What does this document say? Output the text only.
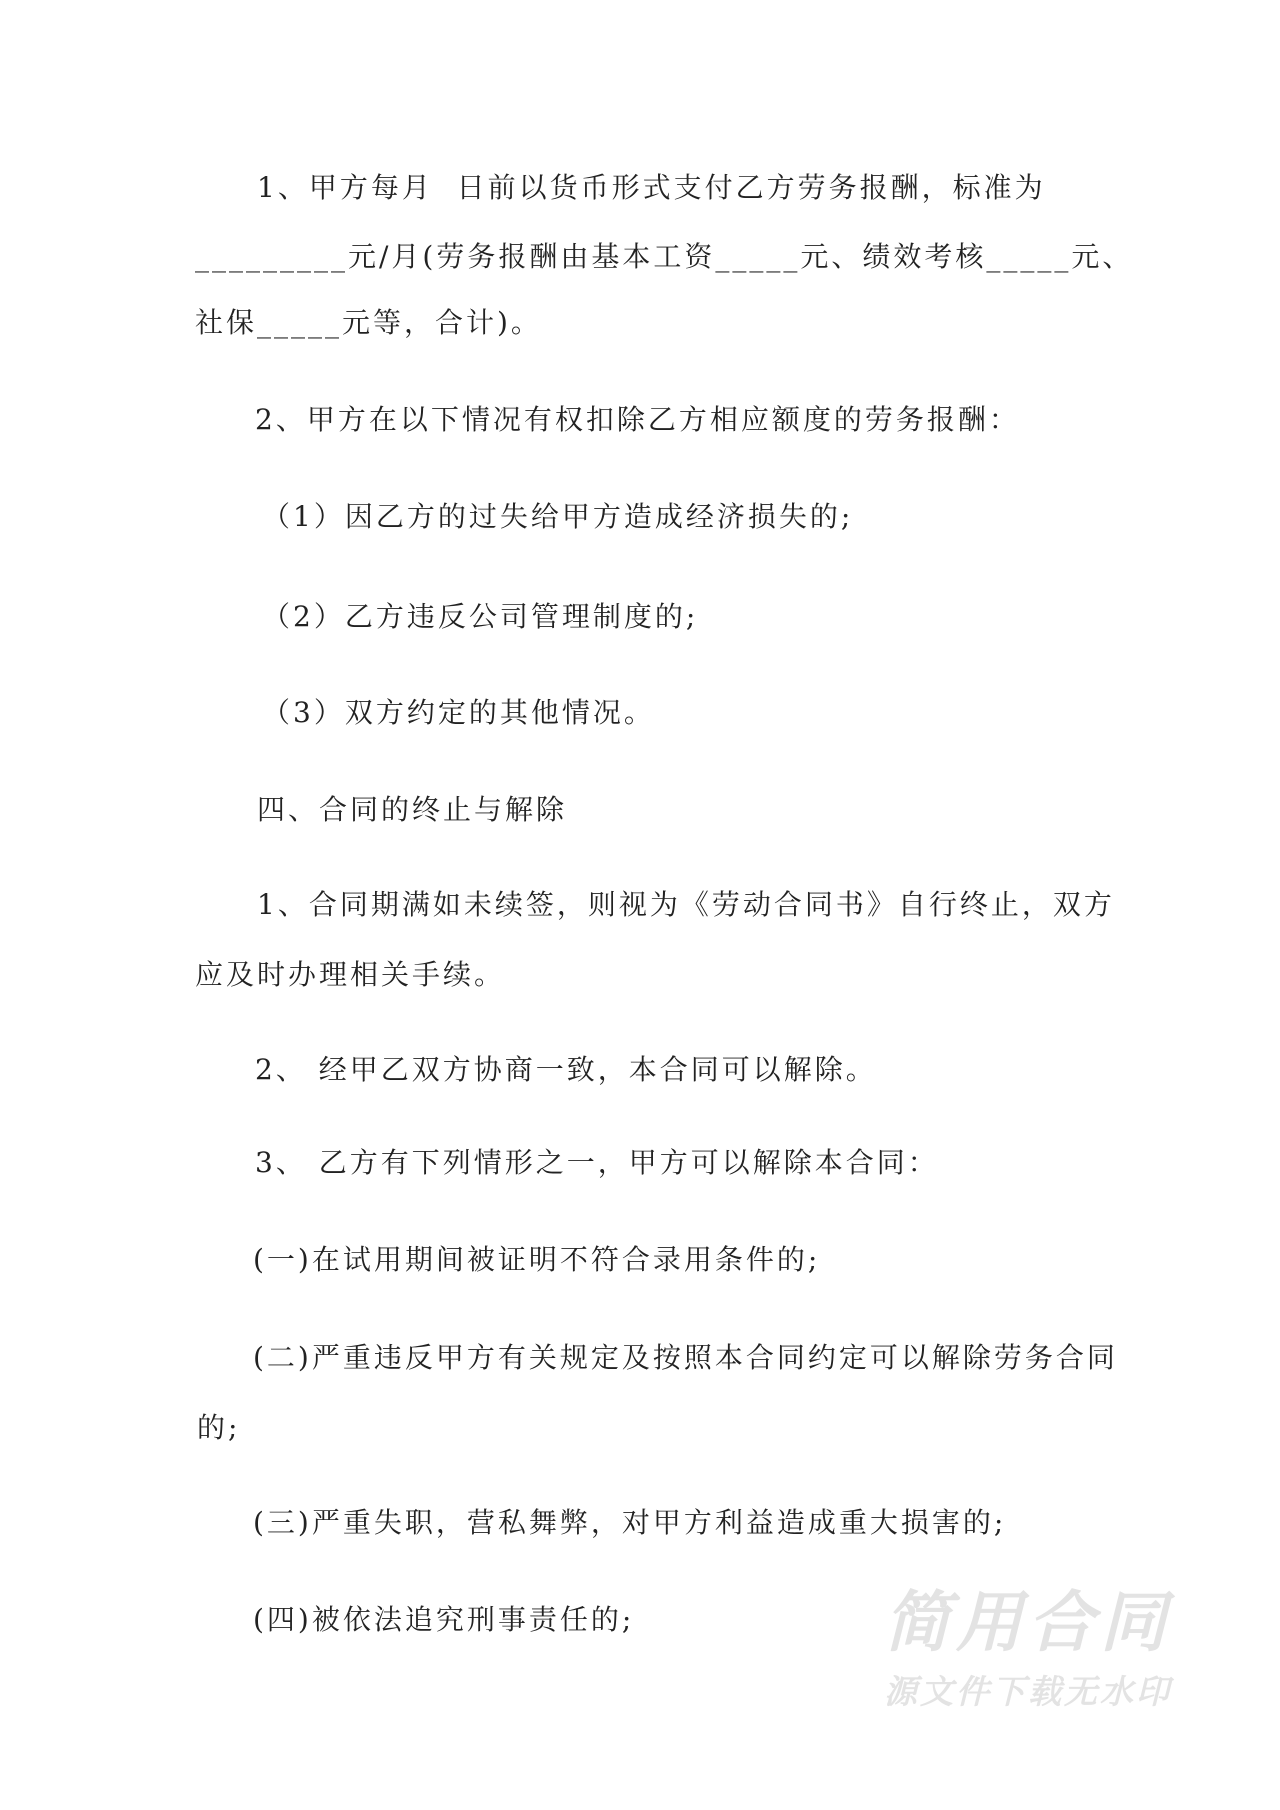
1、甲方每月  日前以货币形式支付乙方劳务报酬，标准为
_________元/月(劳务报酬由基本工资_____元、绩效考核_____元、
社保_____元等，合计)。
2、甲方在以下情况有权扣除乙方相应额度的劳务报酬：
（1）因乙方的过失给甲方造成经济损失的;
（2）乙方违反公司管理制度的;
（3）双方约定的其他情况。
四、合同的终止与解除
1、合同期满如未续签，则视为《劳动合同书》自行终止，双方
应及时办理相关手续。
2、 经甲乙双方协商一致，本合同可以解除。
3、 乙方有下列情形之一，甲方可以解除本合同：
(一)在试用期间被证明不符合录用条件的;
(二)严重违反甲方有关规定及按照本合同约定可以解除劳务合同
的;
(三)严重失职，营私舞弊，对甲方利益造成重大损害的;
(四)被依法追究刑事责任的;	简用合同
源文件下载无水印
